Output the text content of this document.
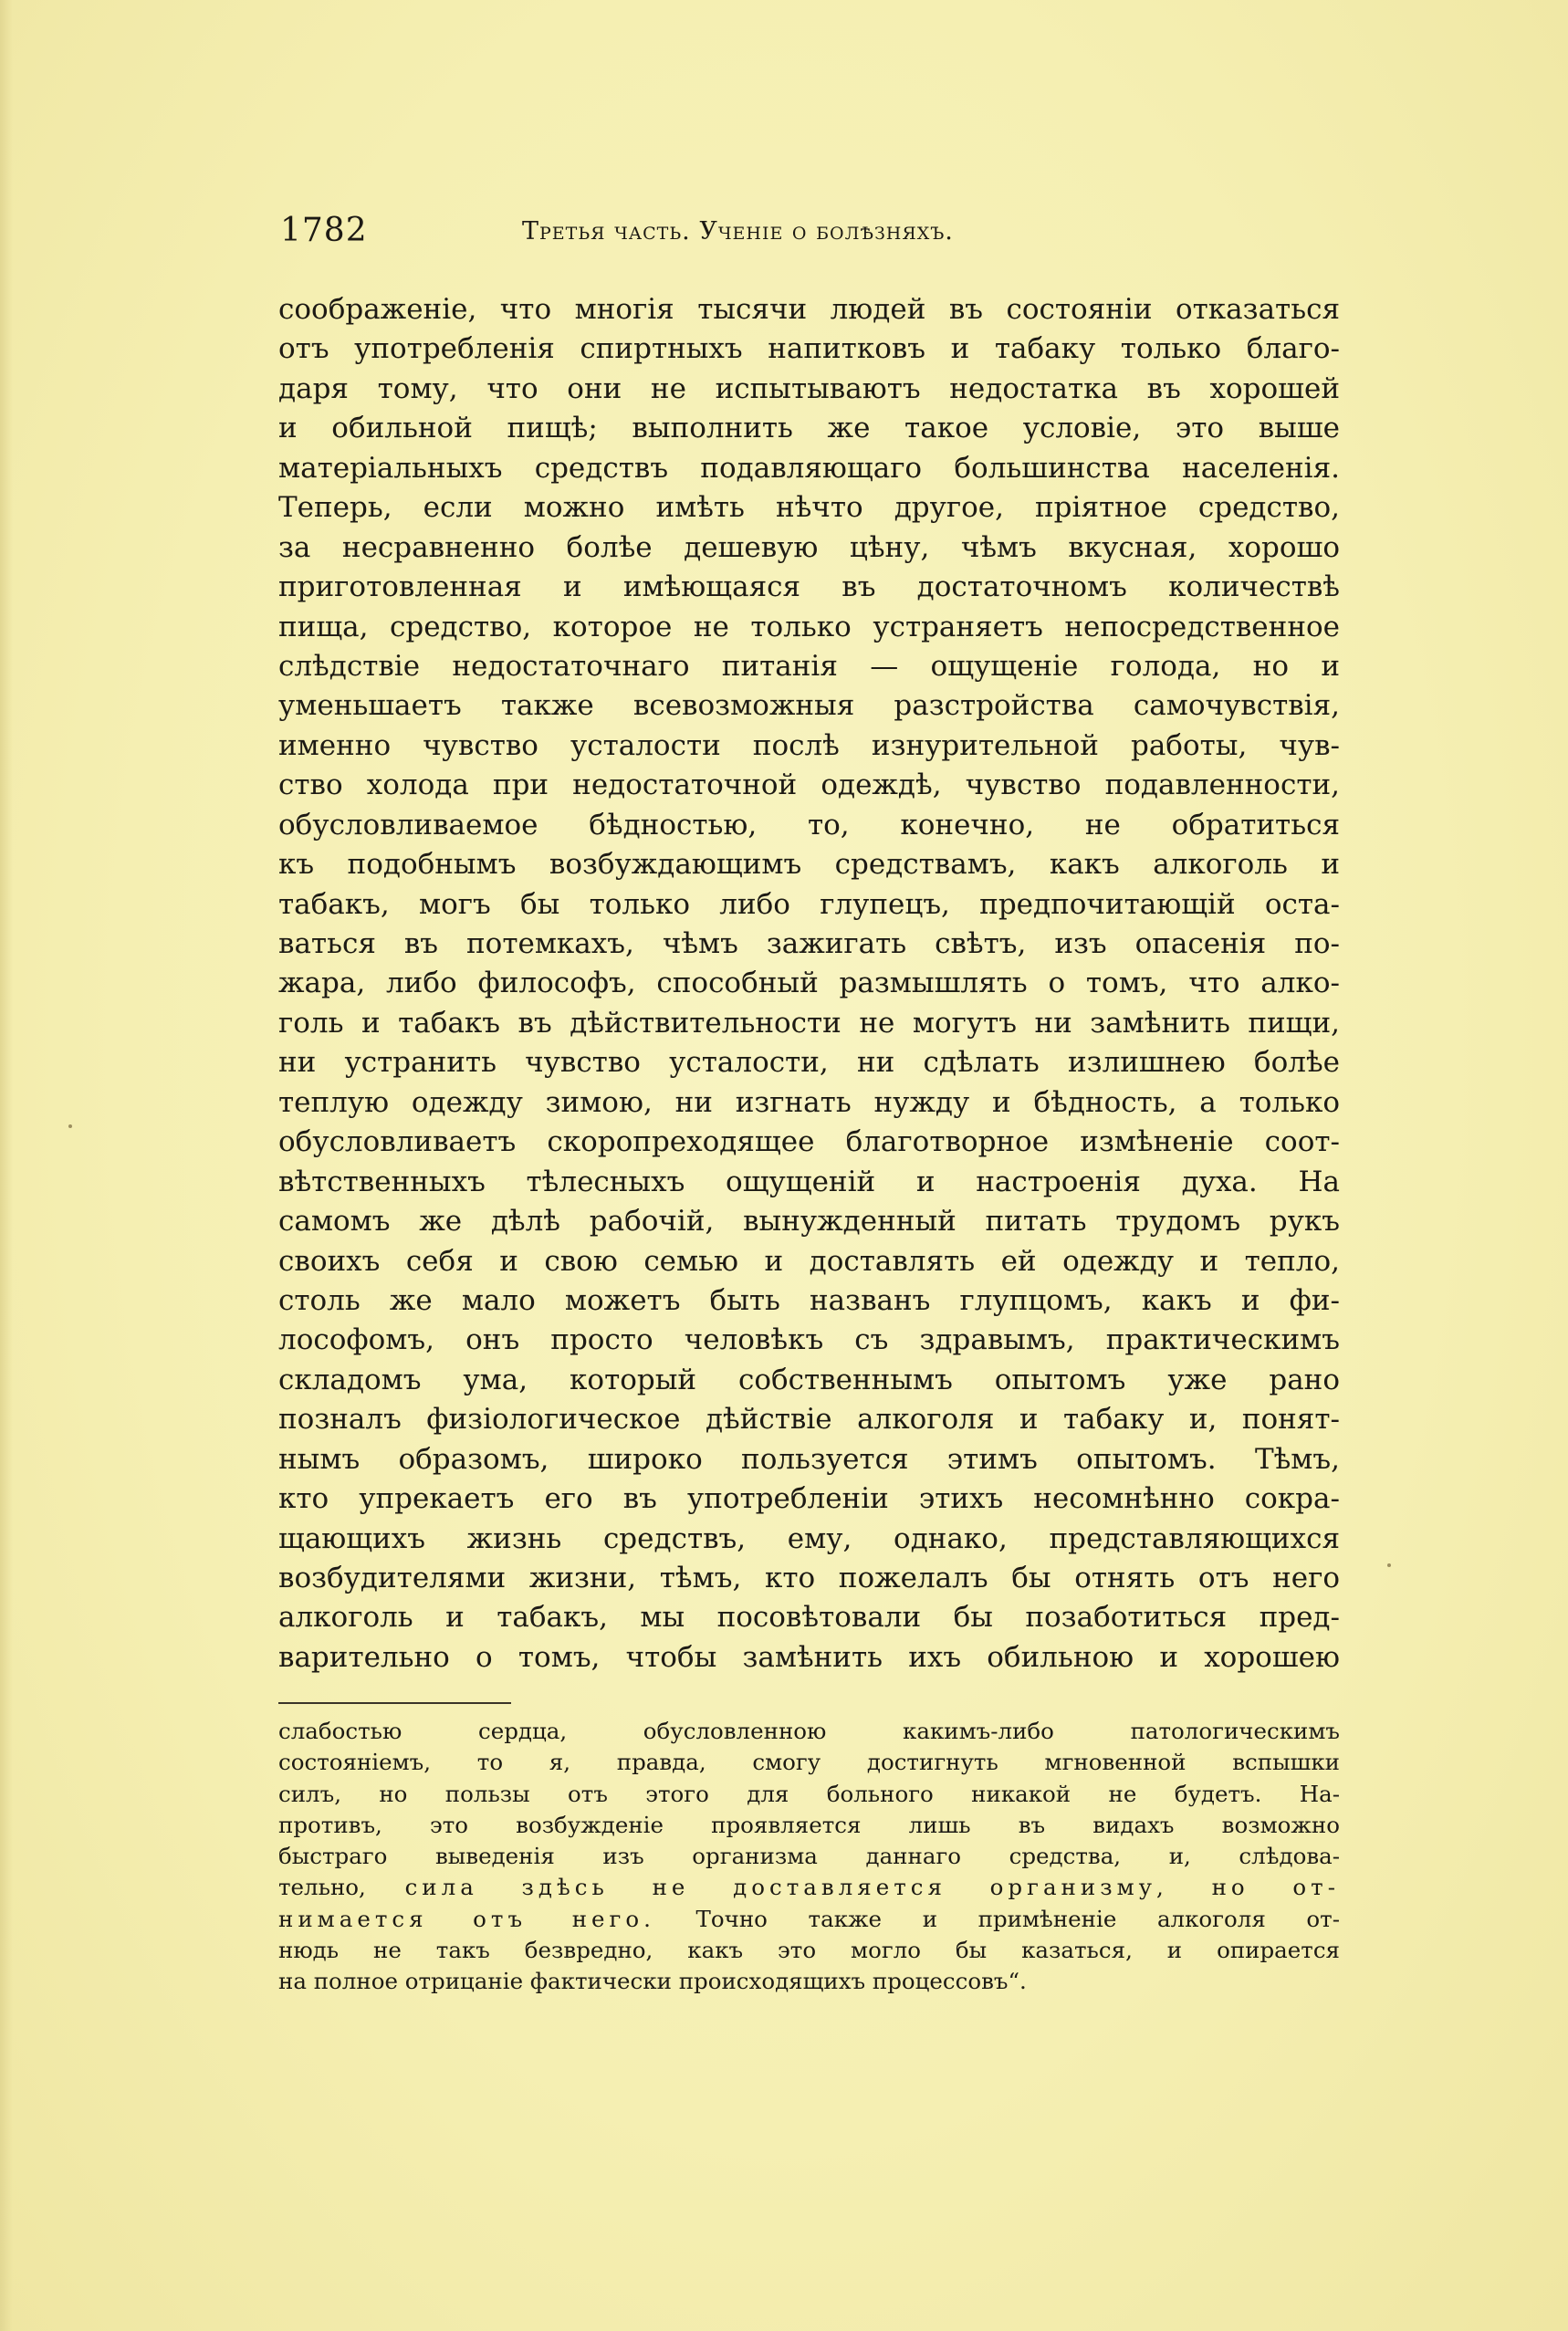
1782	Третья часть. Ученіе о болѣзняхъ.
соображеніе, что многія тысячи людей въ состояніи отказаться
отъ употребленія спиртныхъ напитковъ и табаку только благо-
даря тому, что они не испытываютъ недостатка въ хорошей
и обильной пищѣ; выполнить же такое условіе, это выше
матеріальныхъ средствъ подавляющаго большинства населенія.
Теперь, если можно имѣть нѣчто другое, пріятное средство,
за несравненно болѣе дешевую цѣну, чѣмъ вкусная, хорошо
приготовленная и имѣющаяся въ достаточномъ количествѣ
пища, средство, которое не только устраняетъ непосредственное
слѣдствіе недостаточнаго питанія — ощущеніе голода, но и
уменьшаетъ также всевозможныя разстройства самочувствія,
именно чувство усталости послѣ изнурительной работы, чув-
ство холода при недостаточной одеждѣ, чувство подавленности,
обусловливаемое бѣдностью, то, конечно, не обратиться
къ подобнымъ возбуждающимъ средствамъ, какъ алкоголь и
табакъ, могъ бы только либо глупецъ, предпочитающій оста-
ваться въ потемкахъ, чѣмъ зажигать свѣтъ, изъ опасенія по-
жара, либо философъ, способный размышлять о томъ, что алко-
голь и табакъ въ дѣйствительности не могутъ ни замѣнить пищи,
ни устранить чувство усталости, ни сдѣлать излишнею болѣе
теплую одежду зимою, ни изгнать нужду и бѣдность, а только
обусловливаетъ скоропреходящее благотворное измѣненіе соот-
вѣтственныхъ тѣлесныхъ ощущеній и настроенія духа. На
самомъ же дѣлѣ рабочій, вынужденный питать трудомъ рукъ
своихъ себя и свою семью и доставлять ей одежду и тепло,
столь же мало можетъ быть названъ глупцомъ, какъ и фи-
лософомъ, онъ просто человѣкъ съ здравымъ, практическимъ
складомъ ума, который собственнымъ опытомъ уже рано
позналъ физіологическое дѣйствіе алкоголя и табаку и, понят-
нымъ образомъ, широко пользуется этимъ опытомъ. Тѣмъ,
кто упрекаетъ его въ употребленіи этихъ несомнѣнно сокра-
щающихъ жизнь средствъ, ему, однако, представляющихся
возбудителями жизни, тѣмъ, кто пожелалъ бы отнять отъ него
алкоголь и табакъ, мы посовѣтовали бы позаботиться пред-
варительно о томъ, чтобы замѣнить ихъ обильною и хорошею
слабостью сердца, обусловленною какимъ-либо патологическимъ
состояніемъ, то я, правда, смогу достигнуть мгновенной вспышки
силъ, но пользы отъ этого для больного никакой не будетъ. На-
противъ, это возбужденіе проявляется лишь въ видахъ возможно
быстраго выведенія изъ организма даннаго средства, и, слѣдова-
тельно, сила здѣсь не доставляется организму, но от-
нимается отъ него. Точно также и примѣненіе алкоголя от-
нюдь не такъ безвредно, какъ это могло бы казаться, и опирается
на полное отрицаніе фактически происходящихъ процессовъ“.
